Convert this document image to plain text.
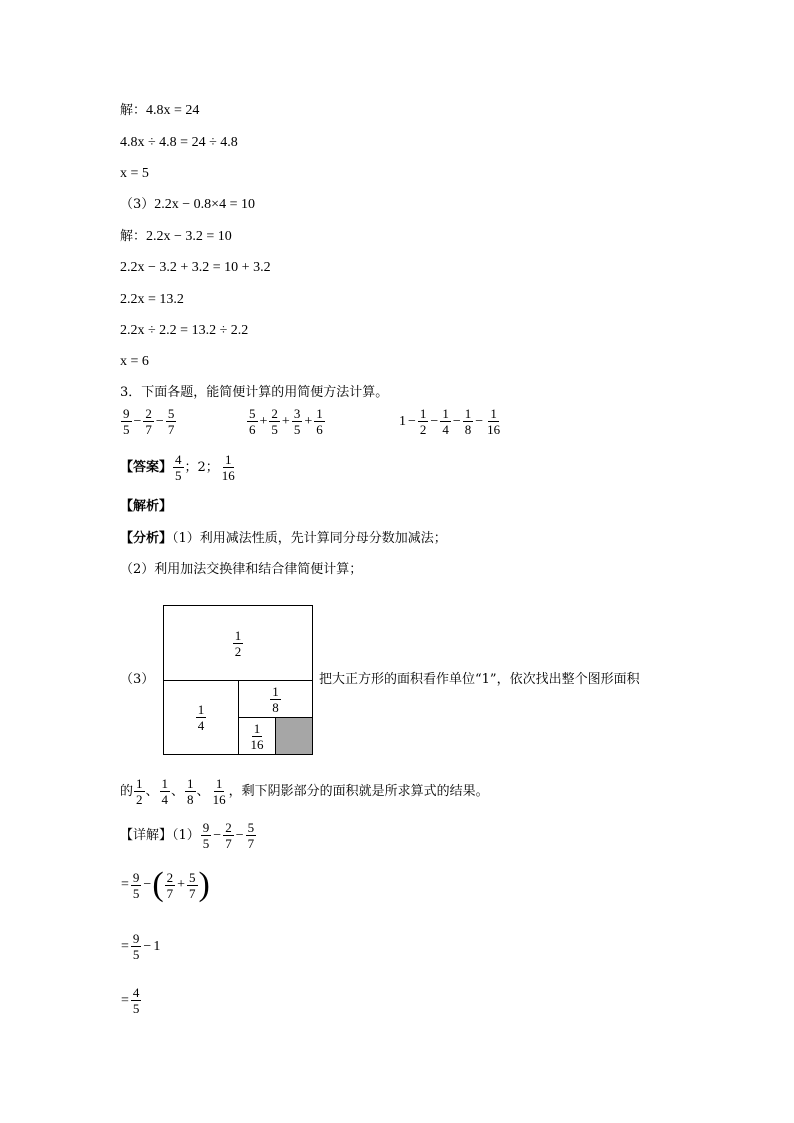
解：4.8x = 24
4.8x ÷ 4.8 = 24 ÷ 4.8
x = 5
（3）2.2x − 0.8×4 = 10
解：2.2x − 3.2 = 10
2.2x − 3.2 + 3.2 = 10 + 3.2
2.2x = 13.2
2.2x ÷ 2.2 = 13.2 ÷ 2.2
x = 6
3．下面各题，能简便计算的用简便方法计算。
$\frac{9}{5} - \frac{2}{7} - \frac{5}{7}$	$\frac{5}{6} + \frac{2}{5} + \frac{3}{5} + \frac{1}{6}$	$1 - \frac{1}{2} - \frac{1}{4} - \frac{1}{8} - \frac{1}{16}$
【答案】 $\frac{4}{5}$ ；2； $\frac{1}{16}$
【解析】
【分析】（1）利用减法性质，先计算同分母分数加减法；
（2）利用加法交换律和结合律简便计算；
（3）
$\frac{1}{2}$
$\frac{1}{4}$
$\frac{1}{8}$
$\frac{1}{16}$
把大正方形的面积看作单位“1”，依次找出整个图形面积
的 $\frac{1}{2}$ 、 $\frac{1}{4}$ 、 $\frac{1}{8}$ 、 $\frac{1}{16}$ ，剩下阴影部分的面积就是所求算式的结果。
【详解】$(1) \frac{9}{5} - \frac{2}{7} - \frac{5}{7}$
= $\frac{9}{5}$ −( $\frac{2}{7} + \frac{5}{7}$ )
= $\frac{9}{5} - 1$
= $\frac{4}{5}$
